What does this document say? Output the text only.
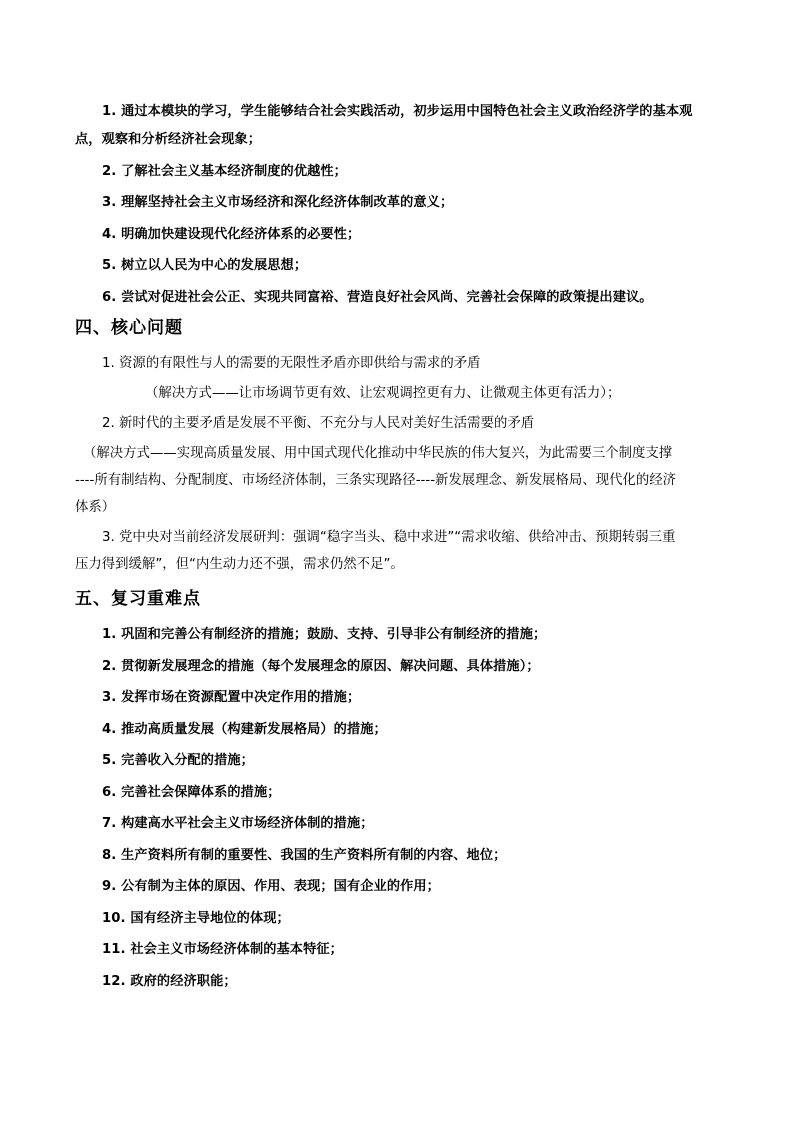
1. 通过本模块的学习，学生能够结合社会实践活动，初步运用中国特色社会主义政治经济学的基本观
点，观察和分析经济社会现象；
2. 了解社会主义基本经济制度的优越性；
3. 理解坚持社会主义市场经济和深化经济体制改革的意义；
4. 明确加快建设现代化经济体系的必要性；
5. 树立以人民为中心的发展思想；
6. 尝试对促进社会公正、实现共同富裕、营造良好社会风尚、完善社会保障的政策提出建议。
四、核心问题
1. 资源的有限性与人的需要的无限性矛盾亦即供给与需求的矛盾
（解决方式——让市场调节更有效、让宏观调控更有力、让微观主体更有活力）；
2. 新时代的主要矛盾是发展不平衡、不充分与人民对美好生活需要的矛盾
（解决方式——实现高质量发展、用中国式现代化推动中华民族的伟大复兴，为此需要三个制度支撑
----所有制结构、分配制度、市场经济体制，三条实现路径----新发展理念、新发展格局、现代化的经济
体系）
3. 党中央对当前经济发展研判：强调“稳字当头、稳中求进”“需求收缩、供给冲击、预期转弱三重
压力得到缓解”，但“内生动力还不强，需求仍然不足”。
五、复习重难点
1. 巩固和完善公有制经济的措施；鼓励、支持、引导非公有制经济的措施；
2. 贯彻新发展理念的措施（每个发展理念的原因、解决问题、具体措施）；
3. 发挥市场在资源配置中决定作用的措施；
4. 推动高质量发展（构建新发展格局）的措施；
5. 完善收入分配的措施；
6. 完善社会保障体系的措施；
7. 构建高水平社会主义市场经济体制的措施；
8. 生产资料所有制的重要性、我国的生产资料所有制的内容、地位；
9. 公有制为主体的原因、作用、表现；国有企业的作用；
10. 国有经济主导地位的体现；
11. 社会主义市场经济体制的基本特征；
12. 政府的经济职能；
